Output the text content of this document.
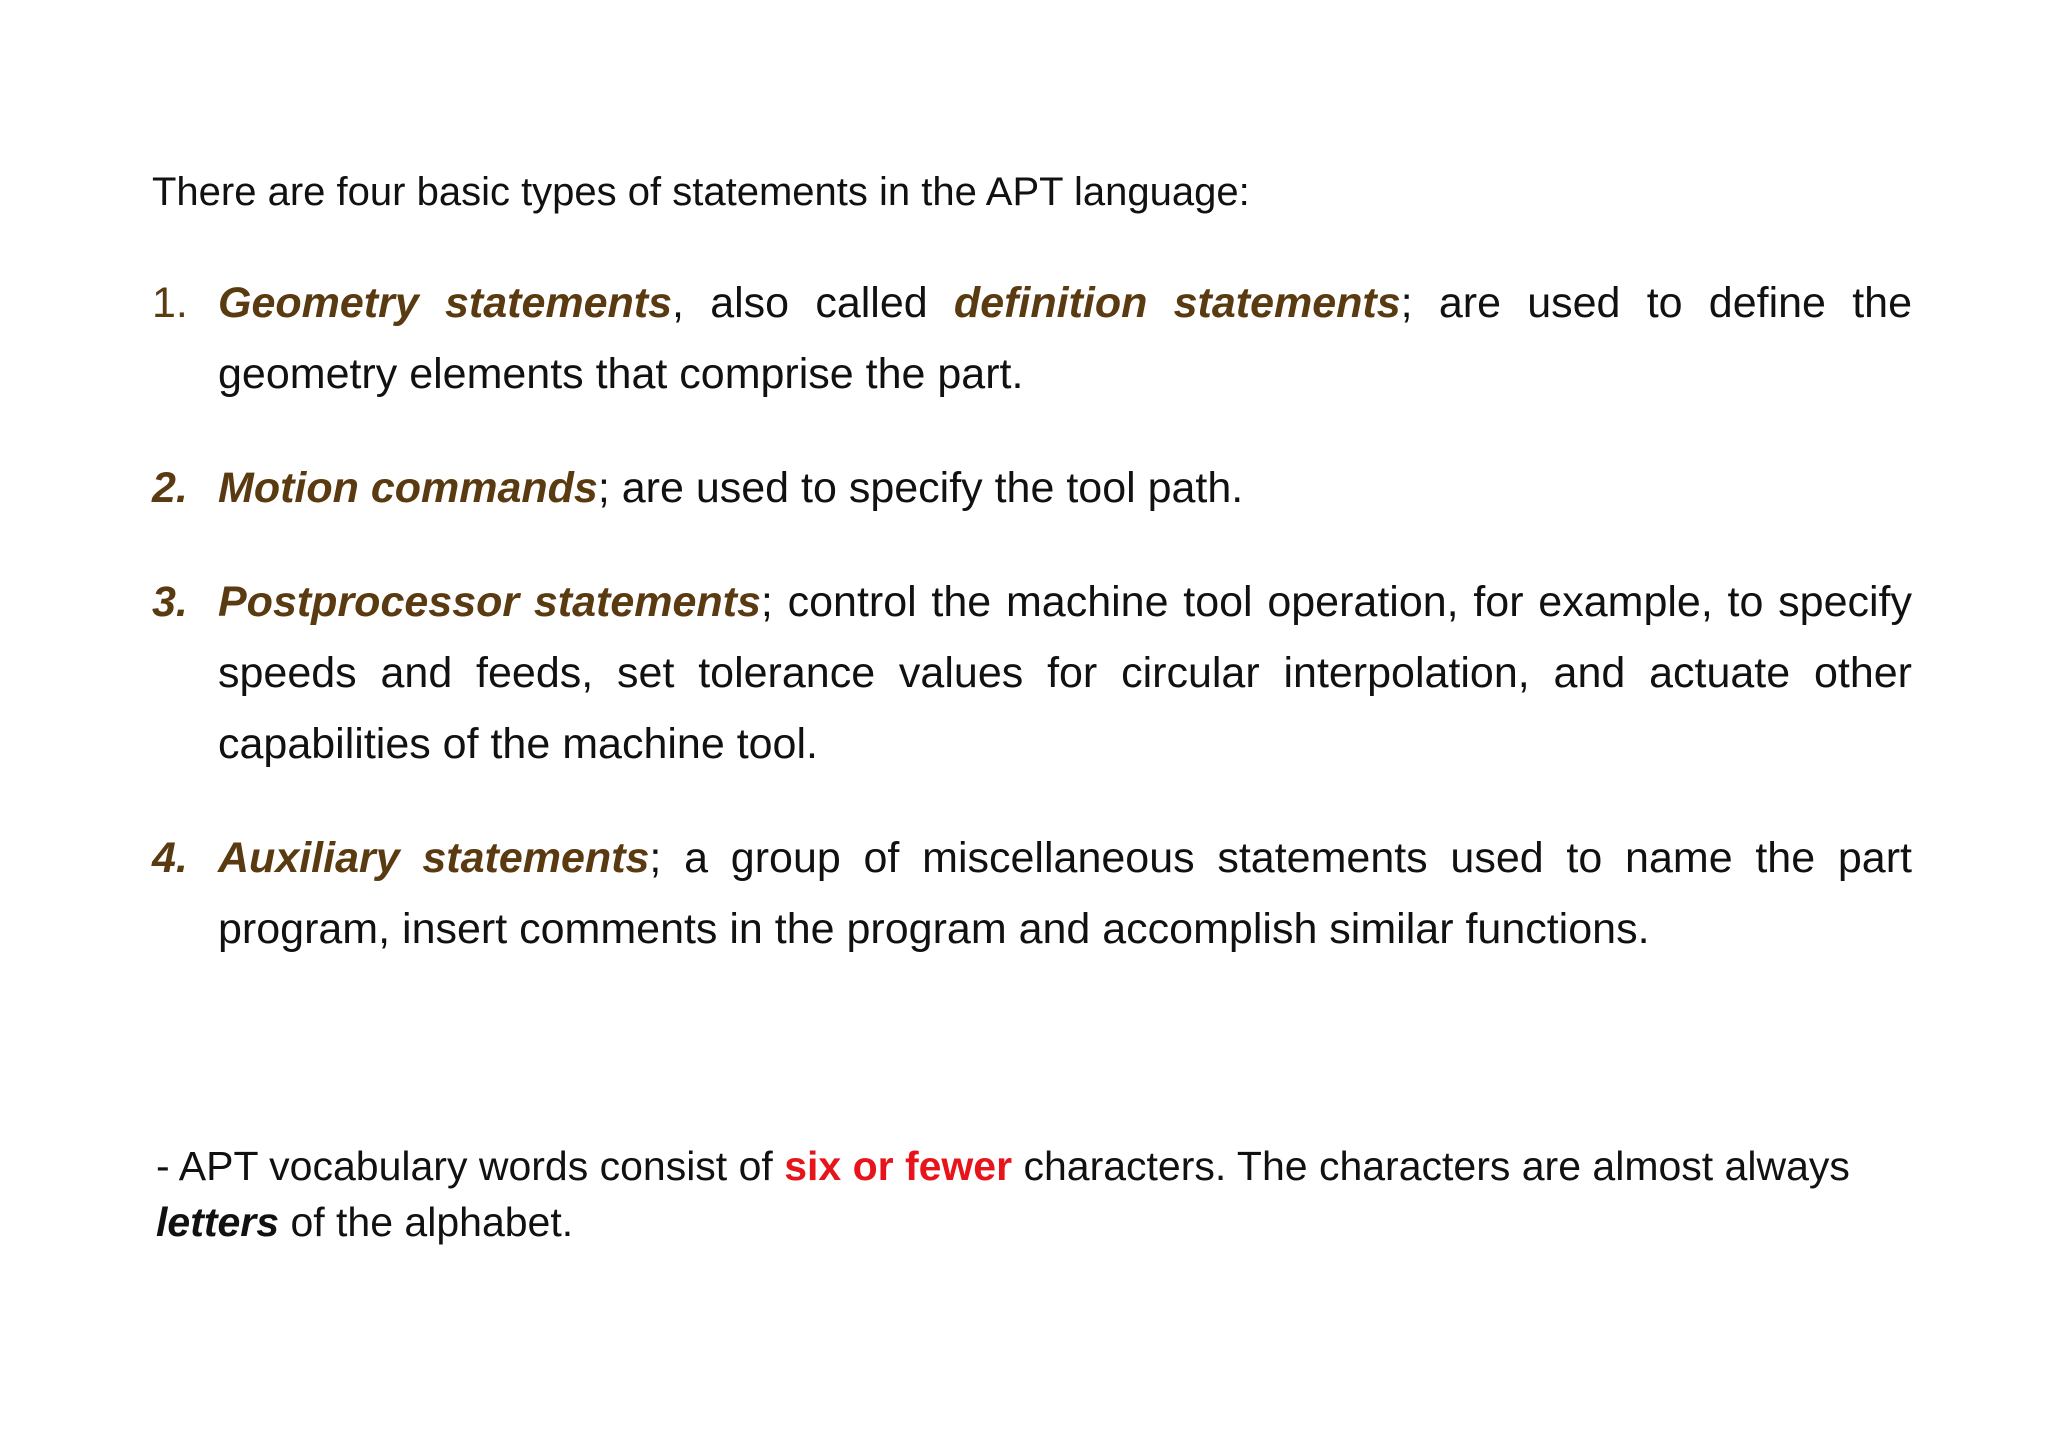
There are four basic types of statements in the APT language:

1. Geometry statements, also called definition statements; are used to define the geometry elements that comprise the part.
2. Motion commands; are used to specify the tool path.
3. Postprocessor statements; control the machine tool operation, for example, to specify speeds and feeds, set tolerance values for circular interpolation, and actuate other capabilities of the machine tool.
4. Auxiliary statements; a group of miscellaneous statements used to name the part program, insert comments in the program and accomplish similar functions.

- APT vocabulary words consist of six or fewer characters. The characters are almost always letters of the alphabet.
